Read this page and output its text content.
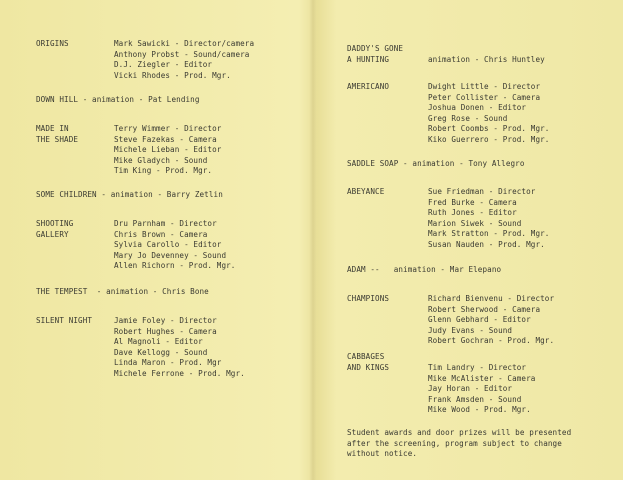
ORIGINS	Mark Sawicki - Director/camera
Anthony Probst - Sound/camera
D.J. Ziegler - Editor
Vicki Rhodes - Prod. Mgr.
DOWN HILL - animation - Pat Lending
MADE IN
THE SHADE
Terry Wimmer - Director
Steve Fazekas - Camera
Michele Lieban - Editor
Mike Gladych - Sound
Tim King - Prod. Mgr.
SOME CHILDREN - animation - Barry Zetlin
SHOOTING
GALLERY
Dru Parnham - Director
Chris Brown - Camera
Sylvia Carollo - Editor
Mary Jo Devenney - Sound
Allen Richorn - Prod. Mgr.
THE TEMPEST  - animation - Chris Bone
SILENT NIGHT	Jamie Foley - Director
Robert Hughes - Camera
Al Magnoli - Editor
Dave Kellogg - Sound
Linda Maron - Prod. Mgr
Michele Ferrone - Prod. Mgr.
DADDY'S GONE
A HUNTING	animation - Chris Huntley
AMERICANO	Dwight Little - Director
Peter Collister - Camera
Joshua Donen - Editor
Greg Rose - Sound
Robert Coombs - Prod. Mgr.
Kiko Guerrero - Prod. Mgr.
SADDLE SOAP - animation - Tony Allegro
ABEYANCE	Sue Friedman - Director
Fred Burke - Camera
Ruth Jones - Editor
Marion Siwek - Sound
Mark Stratton - Prod. Mgr.
Susan Nauden - Prod. Mgr.
ADAM --   animation - Mar Elepano
CHAMPIONS	Richard Bienvenu - Director
Robert Sherwood - Camera
Glenn Gebhard - Editor
Judy Evans - Sound
Robert Gochran - Prod. Mgr.
CABBAGES
AND KINGS	Tim Landry - Director
Mike McAlister - Camera
Jay Horan - Editor
Frank Amsden - Sound
Mike Wood - Prod. Mgr.
Student awards and door prizes will be presented
after the screening, program subject to change
without notice.
